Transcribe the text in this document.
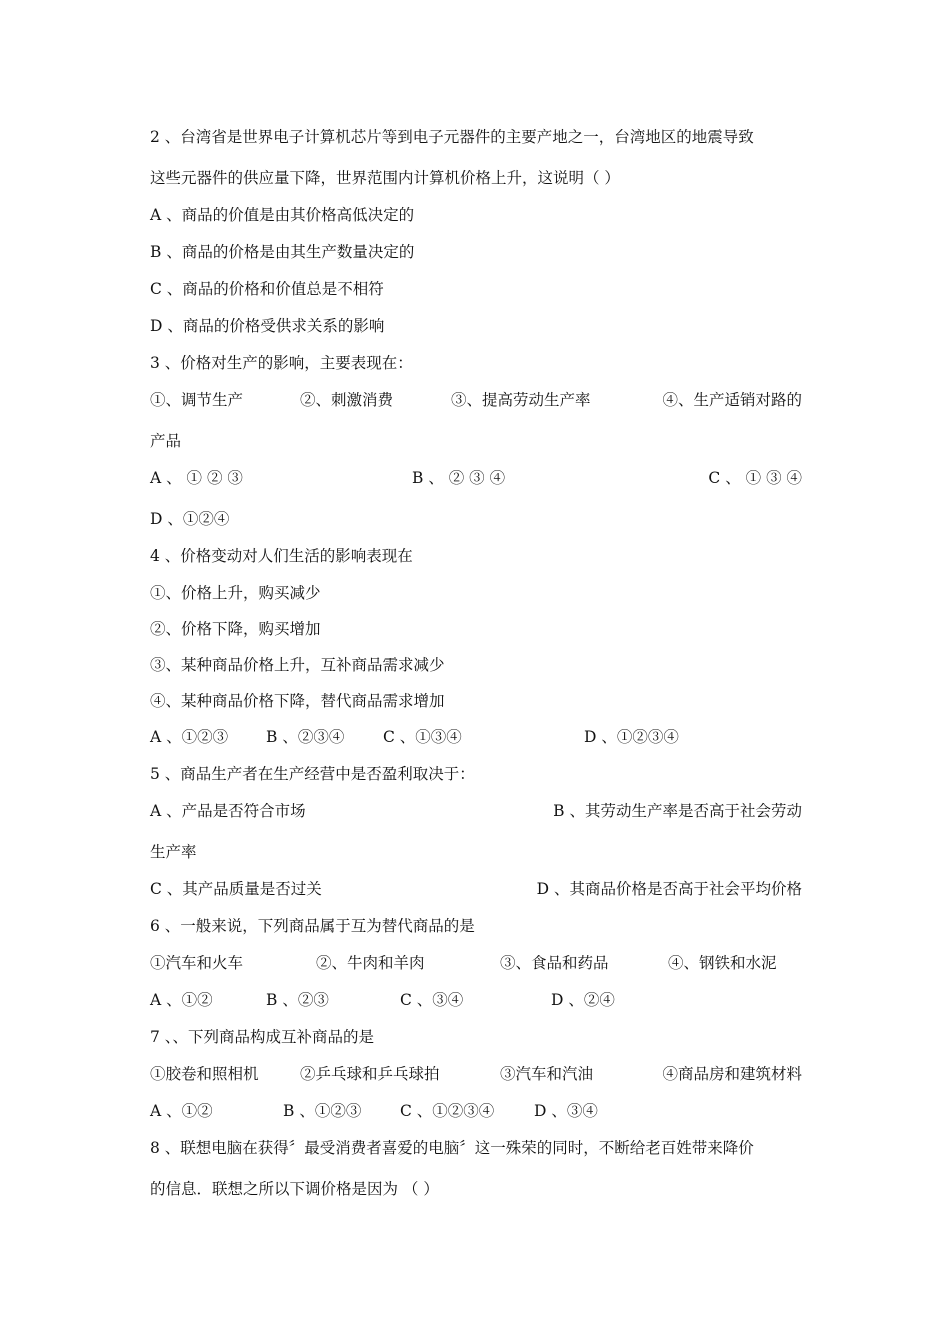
2 、台湾省是世界电子计算机芯片等到电子元器件的主要产地之一，台湾地区的地震导致
这些元器件的供应量下降，世界范围内计算机价格上升，这说明（ ）
A 、商品的价值是由其价格高低决定的
B 、商品的价格是由其生产数量决定的
C 、商品的价格和价值总是不相符
D 、商品的价格受供求关系的影响
3 、价格对生产的影响，主要表现在：
①、调节生产	②、刺激消费	③、提高劳动生产率	④、生产适销对路的
产品
A 、 ① ② ③	B 、 ② ③ ④	C 、 ① ③ ④
D 、①②④
4 、价格变动对人们生活的影响表现在
①、价格上升，购买减少
②、价格下降，购买增加
③、某种商品价格上升，互补商品需求减少
④、某种商品价格下降，替代商品需求增加
A 、①②③ B 、②③④ C 、①③④	D 、①②③④
5 、商品生产者在生产经营中是否盈利取决于：
A 、产品是否符合市场	B 、其劳动生产率是否高于社会劳动
生产率
C 、其产品质量是否过关	D 、其商品价格是否高于社会平均价格
6 、一般来说，下列商品属于互为替代商品的是
①汽车和火车	②、牛肉和羊肉	③、食品和药品	④、钢铁和水泥
A 、①②	B 、②③	C 、③④	D 、②④
7 、、下列商品构成互补商品的是
①胶卷和照相机	②乒乓球和乒乓球拍	③汽车和汽油	④商品房和建筑材料
A 、①②	B 、①②③ C 、①②③④	D 、③④
8 、联想电脑在获得〞最受消费者喜爱的电脑〞这一殊荣的同时，不断给老百姓带来降价
的信息．联想之所以下调价格是因为 （ ）
